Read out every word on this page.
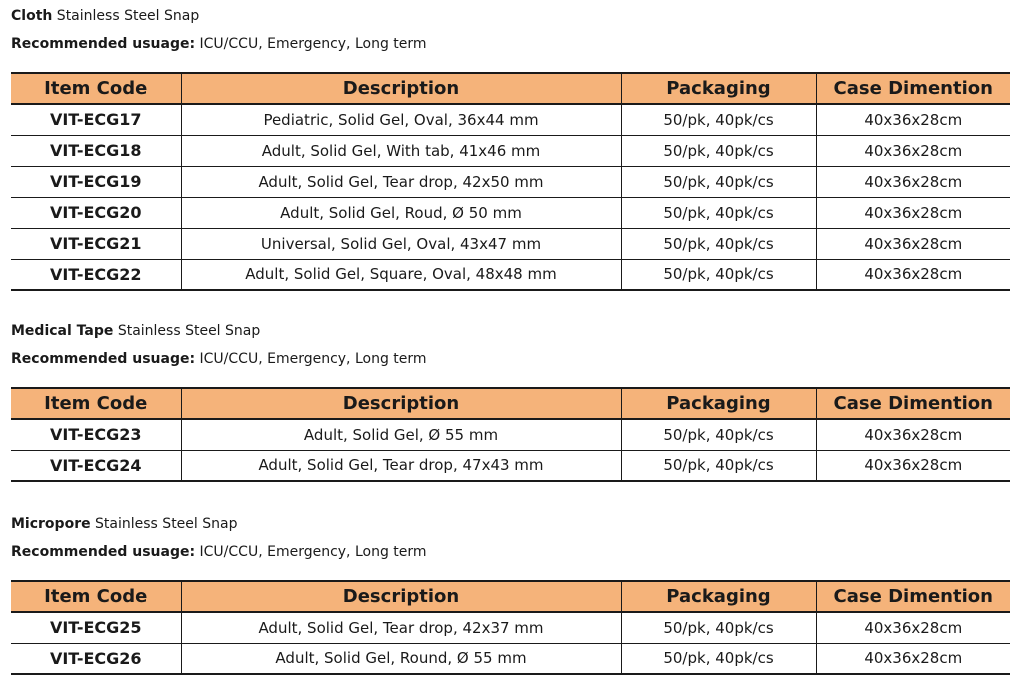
Cloth Stainless Steel Snap
Recommended usuage: ICU/CCU, Emergency, Long term
Item Code	Description	Packaging	Case Dimention
VIT-ECG17	Pediatric, Solid Gel, Oval, 36x44 mm	50/pk, 40pk/cs	40x36x28cm
VIT-ECG18	Adult, Solid Gel, With tab, 41x46 mm	50/pk, 40pk/cs	40x36x28cm
VIT-ECG19	Adult, Solid Gel, Tear drop, 42x50 mm	50/pk, 40pk/cs	40x36x28cm
VIT-ECG20	Adult, Solid Gel, Roud, Ø 50 mm	50/pk, 40pk/cs	40x36x28cm
VIT-ECG21	Universal, Solid Gel, Oval, 43x47 mm	50/pk, 40pk/cs	40x36x28cm
VIT-ECG22	Adult, Solid Gel, Square, Oval, 48x48 mm	50/pk, 40pk/cs	40x36x28cm
Medical Tape Stainless Steel Snap
Recommended usuage: ICU/CCU, Emergency, Long term
Item Code	Description	Packaging	Case Dimention
VIT-ECG23	Adult, Solid Gel, Ø 55 mm	50/pk, 40pk/cs	40x36x28cm
VIT-ECG24	Adult, Solid Gel, Tear drop, 47x43 mm	50/pk, 40pk/cs	40x36x28cm
Micropore Stainless Steel Snap
Recommended usuage: ICU/CCU, Emergency, Long term
Item Code	Description	Packaging	Case Dimention
VIT-ECG25	Adult, Solid Gel, Tear drop, 42x37 mm	50/pk, 40pk/cs	40x36x28cm
VIT-ECG26	Adult, Solid Gel, Round, Ø 55 mm	50/pk, 40pk/cs	40x36x28cm
